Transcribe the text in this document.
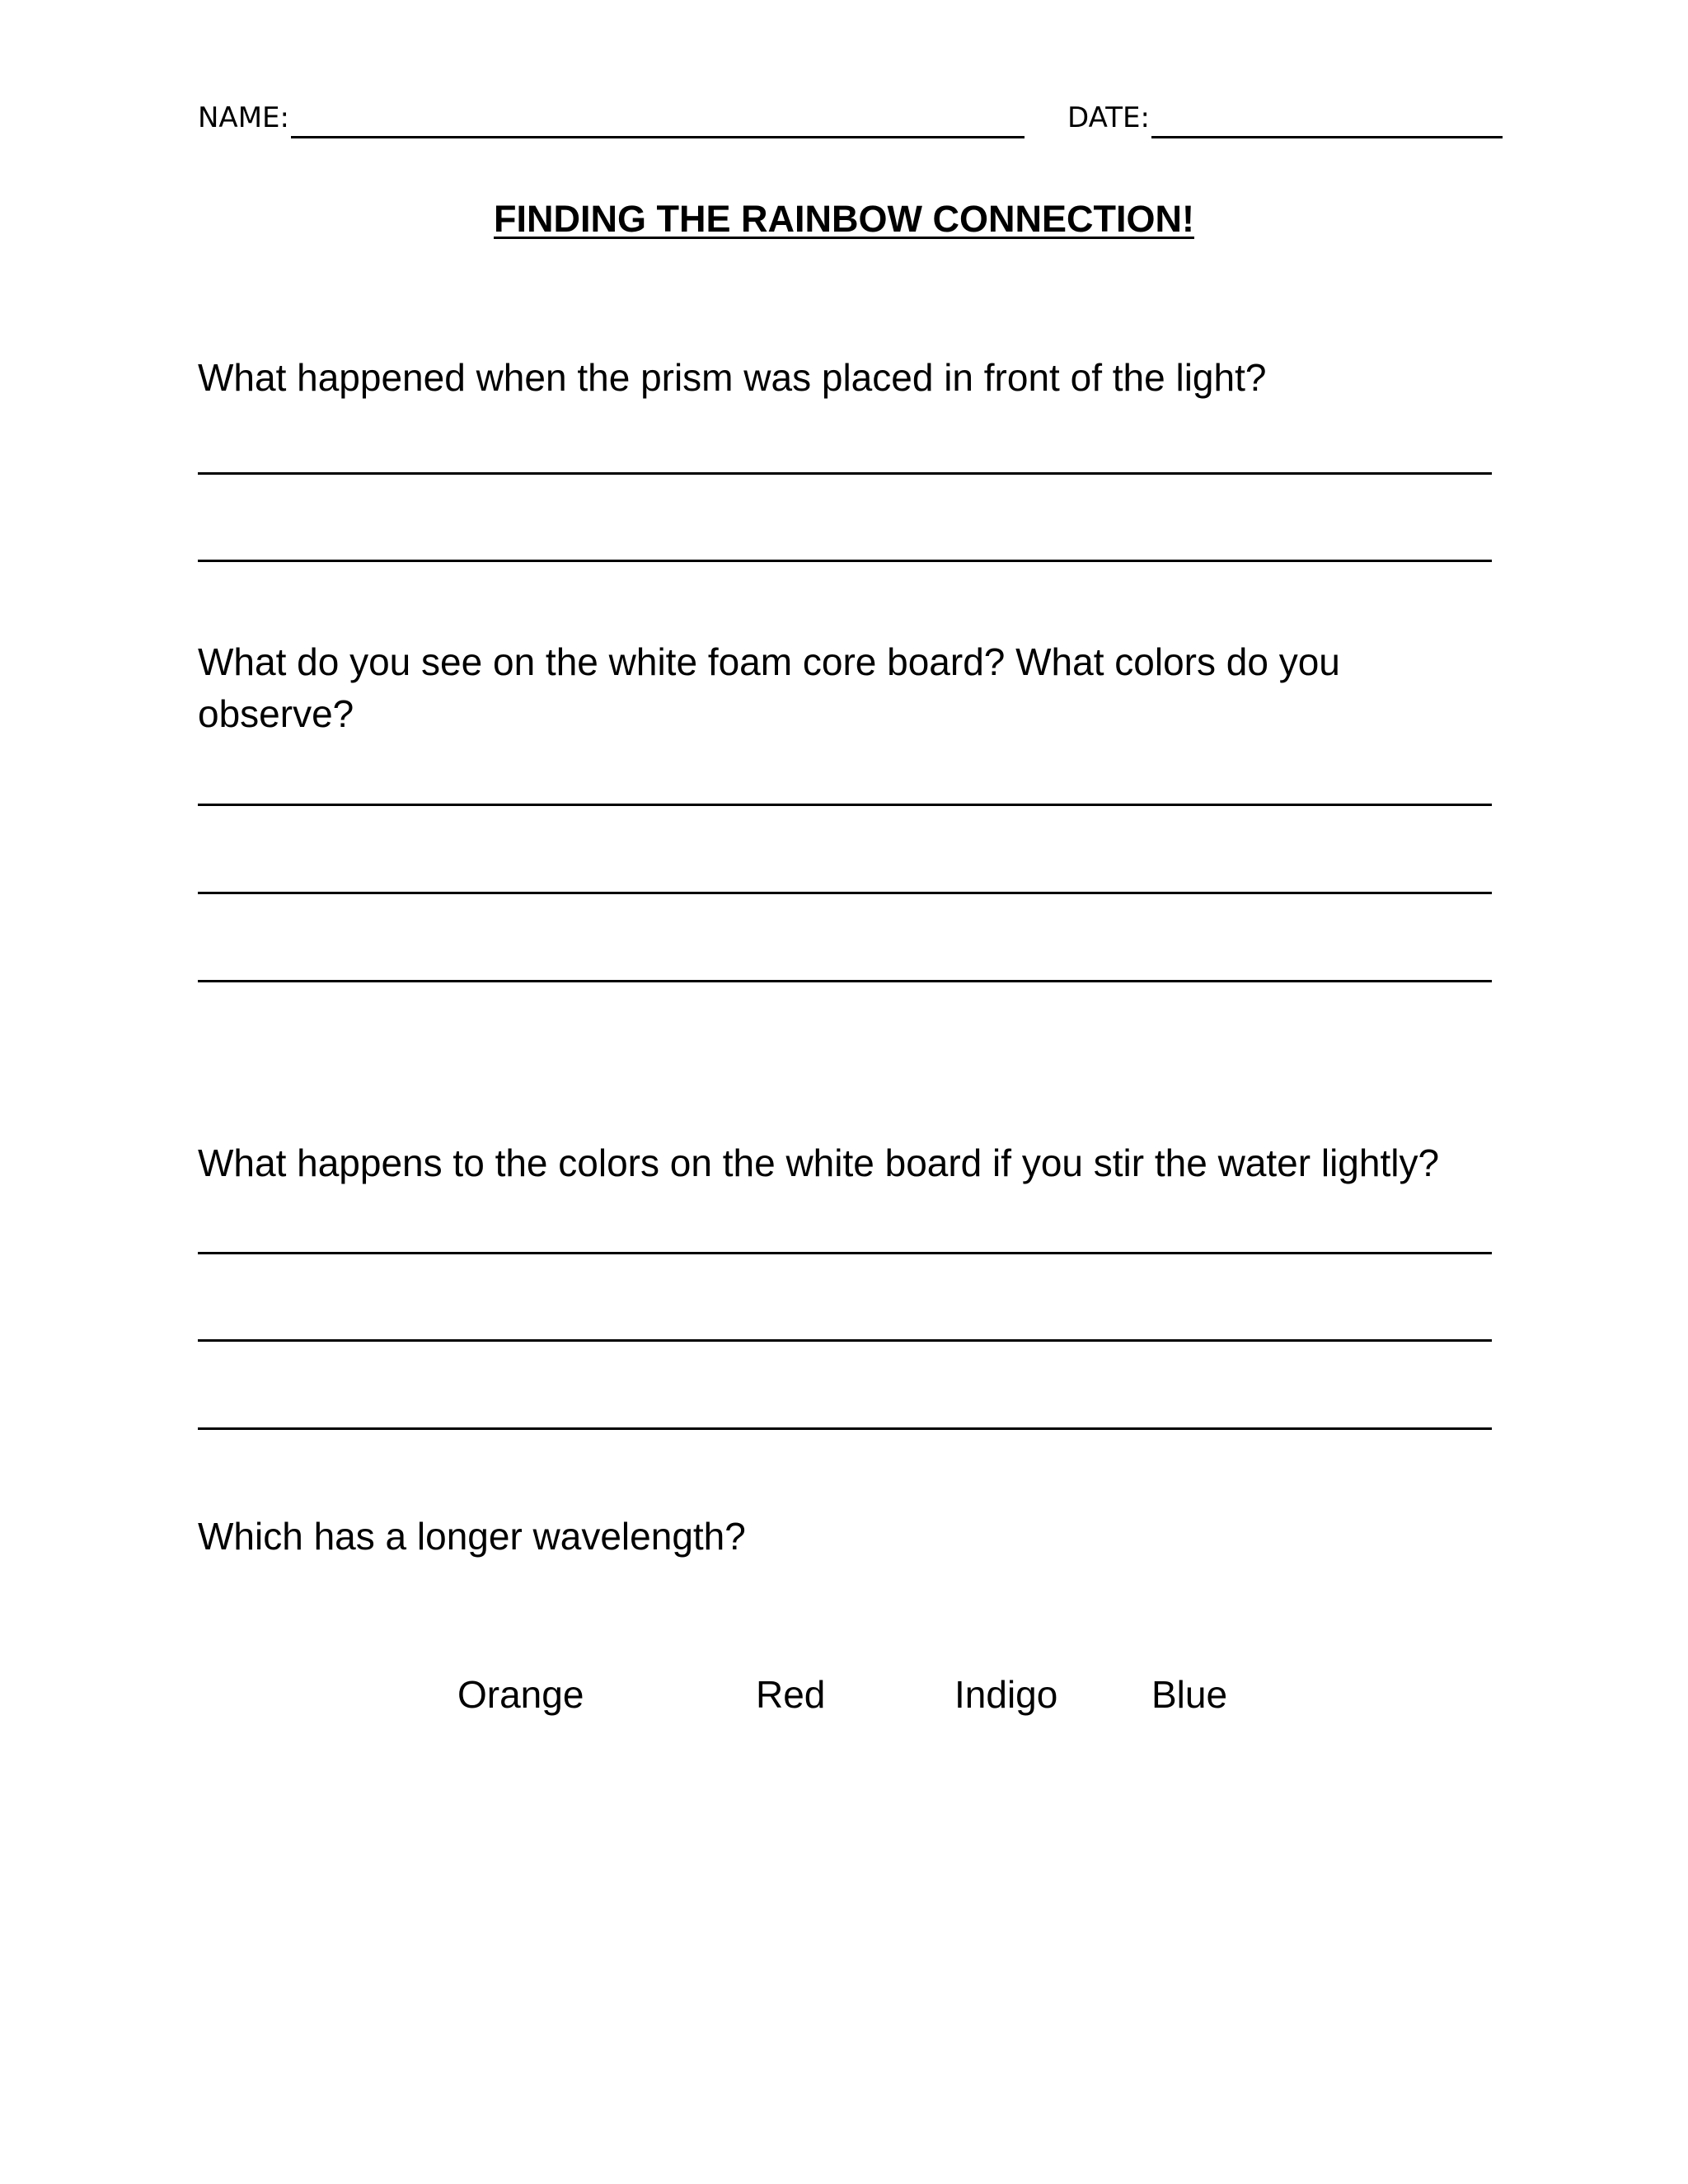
NAME:	DATE:
FINDING THE RAINBOW CONNECTION!
What happened when the prism was placed in front of the light?
What do you see on the white foam core board? What colors do you observe?
What happens to the colors on the white board if you stir the water lightly?
Which has a longer wavelength?
Orange	Red	Indigo Blue
